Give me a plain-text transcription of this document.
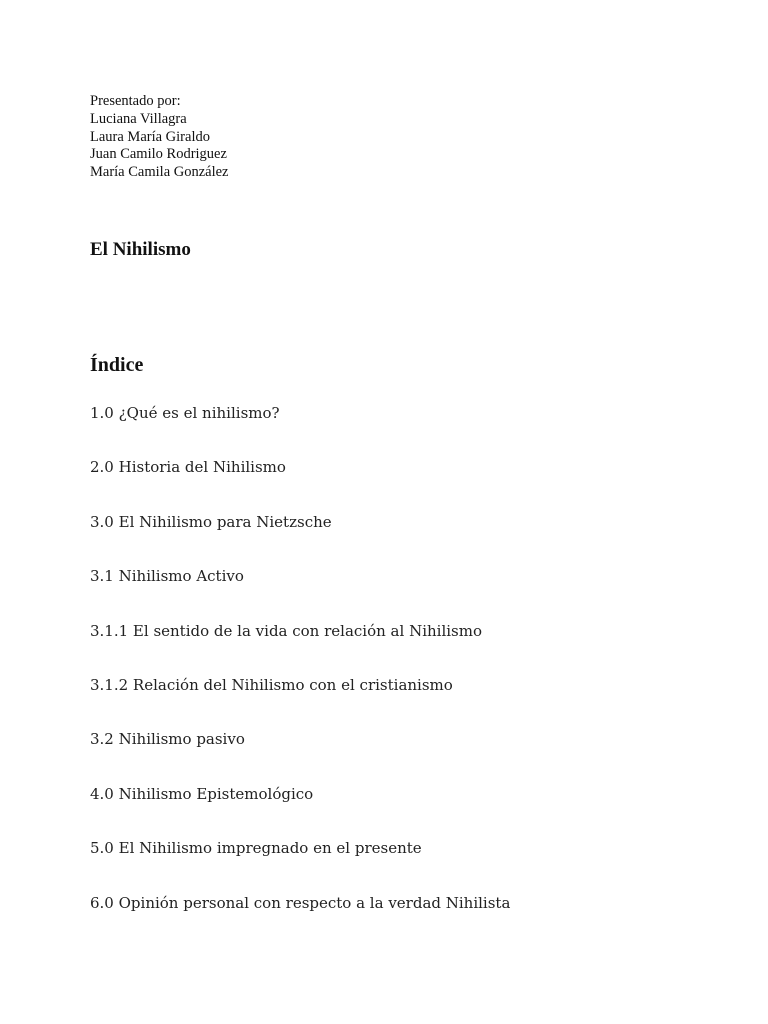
Presentado por:
Luciana Villagra
Laura María Giraldo
Juan Camilo Rodriguez
María Camila González
El Nihilismo
Índice
1.0 ¿Qué es el nihilismo?
2.0 Historia del Nihilismo
3.0 El Nihilismo para Nietzsche
3.1 Nihilismo Activo
3.1.1 El sentido de la vida con relación al Nihilismo
3.1.2 Relación del Nihilismo con el cristianismo
3.2 Nihilismo pasivo
4.0 Nihilismo Epistemológico
5.0 El Nihilismo impregnado en el presente
6.0 Opinión personal con respecto a la verdad Nihilista
